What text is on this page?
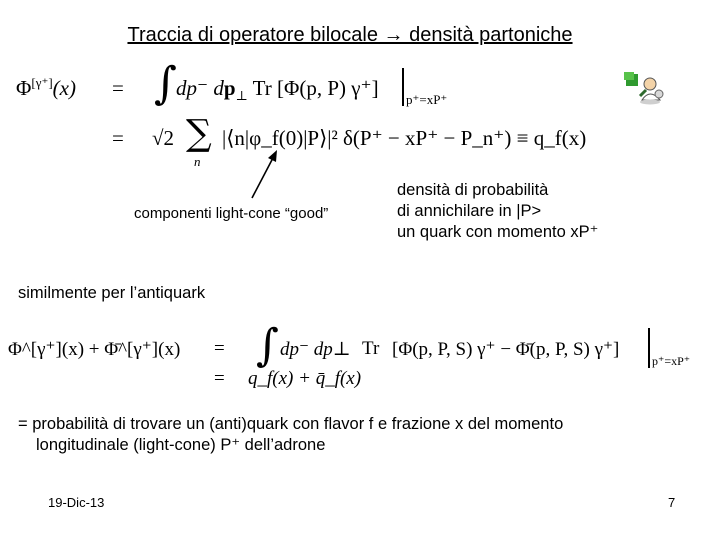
Traccia di operatore bilocale → densità partoniche
Φ[γ⁺](x) = ∫ dp⁻ $dp_\perp$ Tr [Φ(p, P) γ⁺] p⁺=xP⁺
= √2 ∑
n
|⟨n|φ_f(0)|P⟩|² δ(P⁺ − xP⁺ − P_n⁺) ≡ q_f(x)
componenti light-cone “good”
densità di probabilità
di annichilare in |P>
un quark con momento xP⁺
similmente per l’antiquark
Φ^[γ⁺](x) + Φ̄^[γ⁺](x) = ∫ dp⁻ dp⊥ Tr [Φ(p, P, S) γ⁺ − Φ̄(p, P, S) γ⁺]
p⁺=xP⁺
= q_f(x) + q̄_f(x)
= probabilità di trovare un (anti)quark con flavor f e frazione x del momento
longitudinale (light-cone) P⁺ dell’adrone
19-Dic-13	7
